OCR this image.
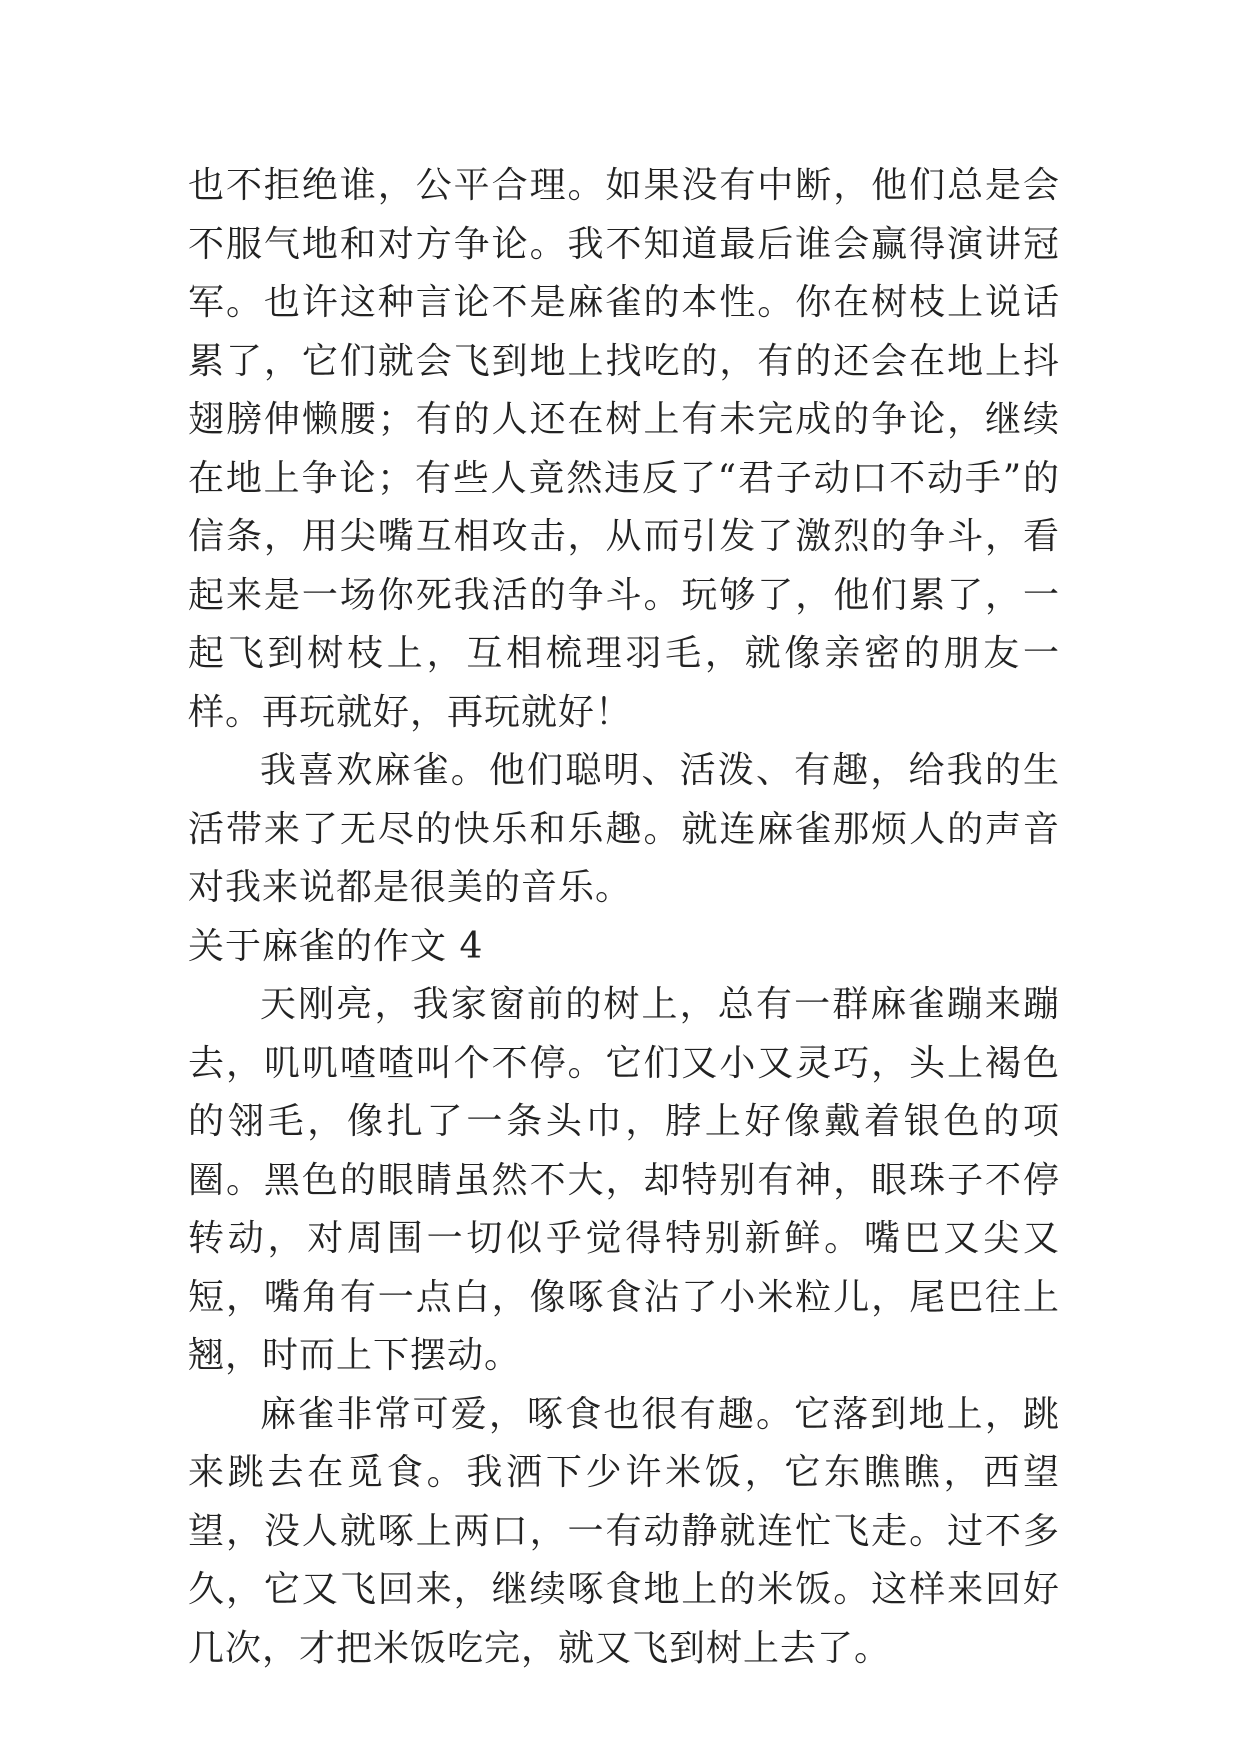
也不拒绝谁，公平合理。如果没有中断，他们总是会不服气地和对方争论。我不知道最后谁会赢得演讲冠军。也许这种言论不是麻雀的本性。你在树枝上说话累了，它们就会飞到地上找吃的，有的还会在地上抖翅膀伸懒腰；有的人还在树上有未完成的争论，继续在地上争论；有些人竟然违反了“君子动口不动手”的信条，用尖嘴互相攻击，从而引发了激烈的争斗，看起来是一场你死我活的争斗。玩够了，他们累了，一起飞到树枝上，互相梳理羽毛，就像亲密的朋友一样。再玩就好，再玩就好！

我喜欢麻雀。他们聪明、活泼、有趣，给我的生活带来了无尽的快乐和乐趣。就连麻雀那烦人的声音对我来说都是很美的音乐。

关于麻雀的作文 4

天刚亮，我家窗前的树上，总有一群麻雀蹦来蹦去，叽叽喳喳叫个不停。它们又小又灵巧，头上褐色的翎毛，像扎了一条头巾，脖上好像戴着银色的项圈。黑色的眼睛虽然不大，却特别有神，眼珠子不停转动，对周围一切似乎觉得特别新鲜。嘴巴又尖又短，嘴角有一点白，像啄食沾了小米粒儿，尾巴往上翘，时而上下摆动。

麻雀非常可爱，啄食也很有趣。它落到地上，跳来跳去在觅食。我洒下少许米饭，它东瞧瞧，西望望，没人就啄上两口，一有动静就连忙飞走。过不多久，它又飞回来，继续啄食地上的米饭。这样来回好几次，才把米饭吃完，就又飞到树上去了。
